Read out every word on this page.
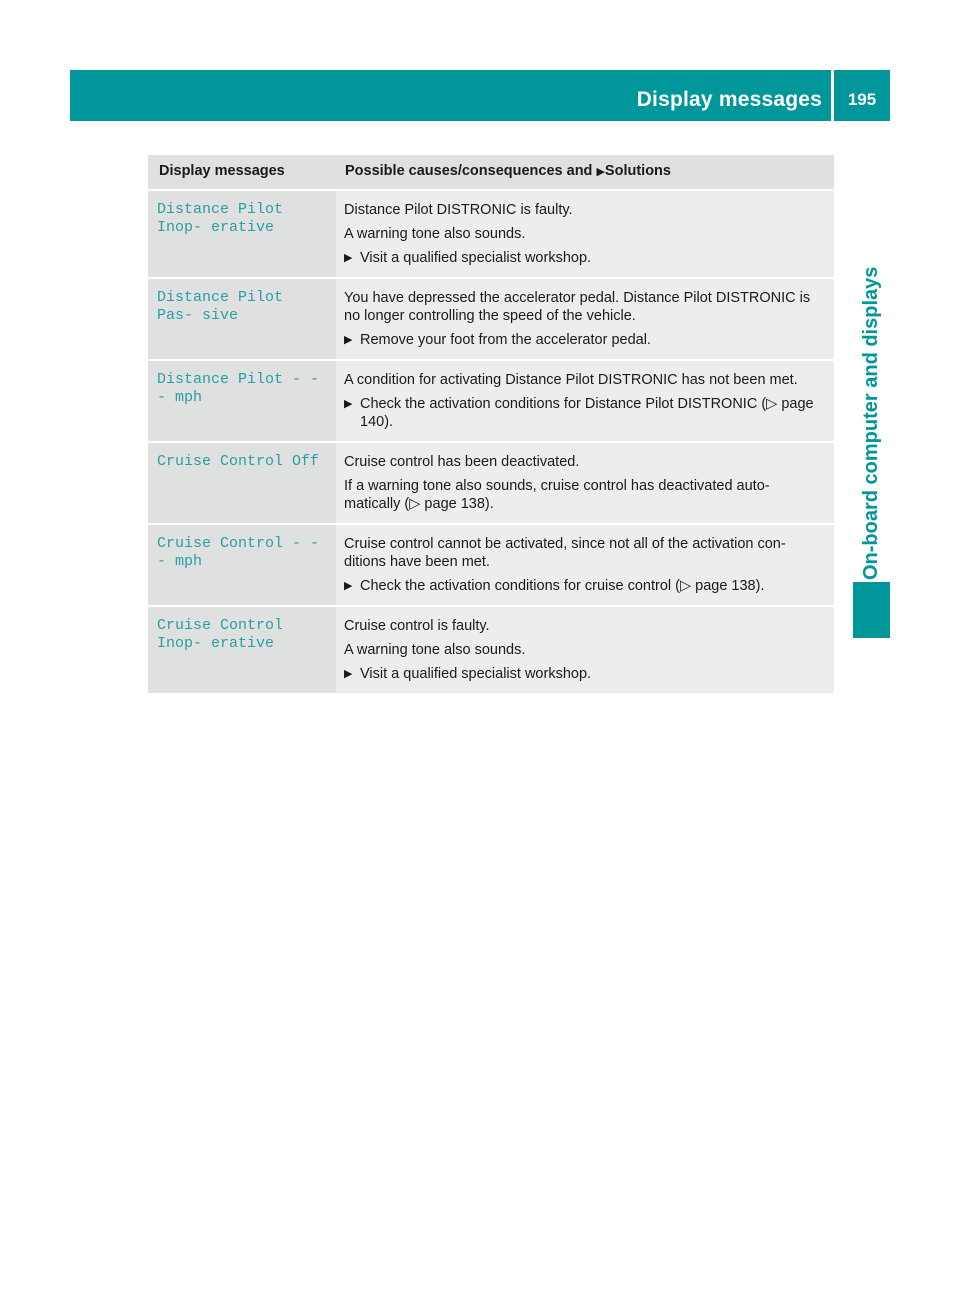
Display messages	195
On-board computer and displays
Display messages	Possible causes/consequences and ▶Solutions
Distance Pilot Inop‐ erative	Distance Pilot DISTRONIC is faulty.

A warning tone also sounds.

▶ Visit a qualified specialist workshop.

Distance Pilot Pas‐ sive	You have depressed the accelerator pedal. Distance Pilot DISTRONIC is no longer controlling the speed of the vehicle.

▶ Remove your foot from the accelerator pedal.

Distance Pilot - - - mph	A condition for activating Distance Pilot DISTRONIC has not been met.

▶ Check the activation conditions for Distance Pilot DISTRONIC (▷ page 140).

Cruise Control Off	Cruise control has been deactivated.

If a warning tone also sounds, cruise control has deactivated auto‐ matically (▷ page 138).

Cruise Control - - - mph	Cruise control cannot be activated, since not all of the activation con‐ ditions have been met.

▶ Check the activation conditions for cruise control (▷ page 138).

Cruise Control Inop‐ erative	Cruise control is faulty.

A warning tone also sounds.

▶ Visit a qualified specialist workshop.
